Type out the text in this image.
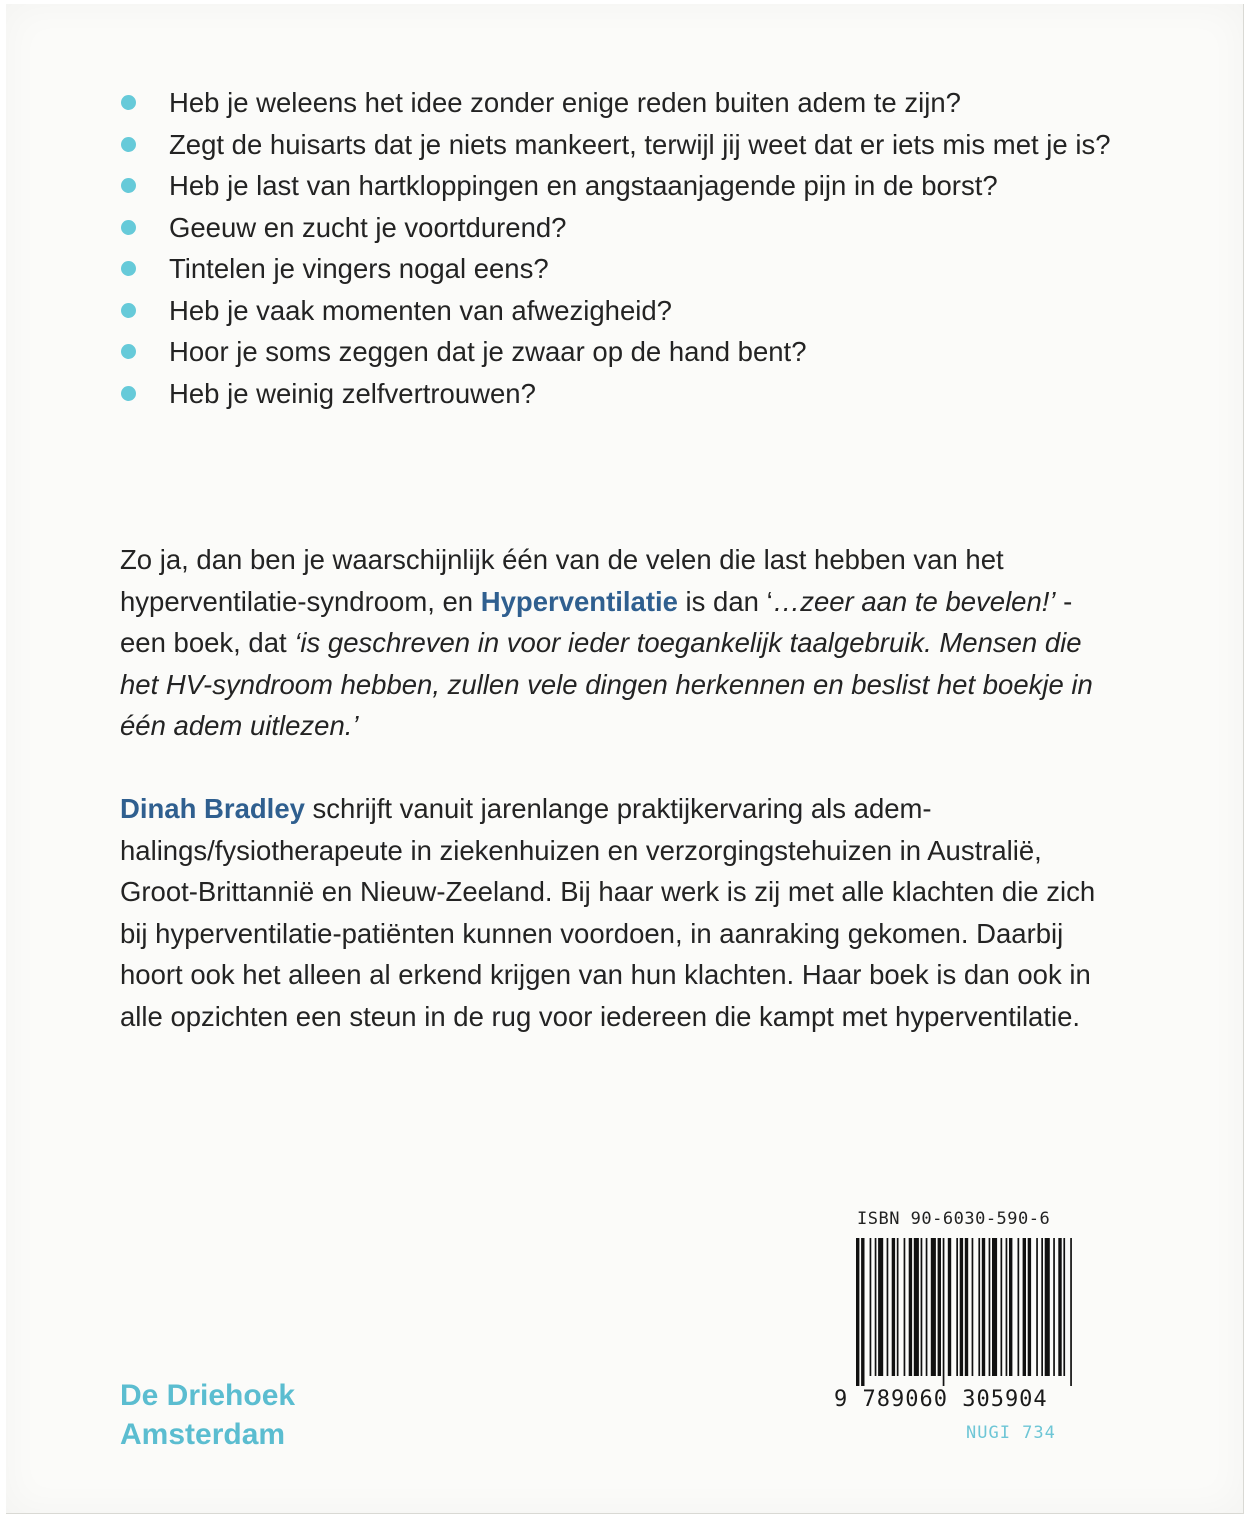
Heb je weleens het idee zonder enige reden buiten adem te zijn?
Zegt de huisarts dat je niets mankeert, terwijl jij weet dat er iets mis met je is?
Heb je last van hartkloppingen en angstaanjagende pijn in de borst?
Geeuw en zucht je voortdurend?
Tintelen je vingers nogal eens?
Heb je vaak momenten van afwezigheid?
Hoor je soms zeggen dat je zwaar op de hand bent?
Heb je weinig zelfvertrouwen?

Zo ja, dan ben je waarschijnlijk één van de velen die last hebben van het hyperventilatie-syndroom, en Hyperventilatie is dan ‘…zeer aan te bevelen!’ - een boek, dat ‘is geschreven in voor ieder toegankelijk taalgebruik. Mensen die het HV-syndroom hebben, zullen vele dingen herkennen en beslist het boekje in één adem uitlezen.’

Dinah Bradley schrijft vanuit jarenlange praktijkervaring als adem-halings/fysiotherapeute in ziekenhuizen en verzorgingstehuizen in Australië, Groot-Brittannië en Nieuw-Zeeland. Bij haar werk is zij met alle klachten die zich bij hyperventilatie-patiënten kunnen voordoen, in aanraking gekomen. Daarbij hoort ook het alleen al erkend krijgen van hun klachten. Haar boek is dan ook in alle opzichten een steun in de rug voor iedereen die kampt met hyperventilatie.

De Driehoek
Amsterdam
ISBN 90-6030-590-6
9 789060 305904
NUGI 734
